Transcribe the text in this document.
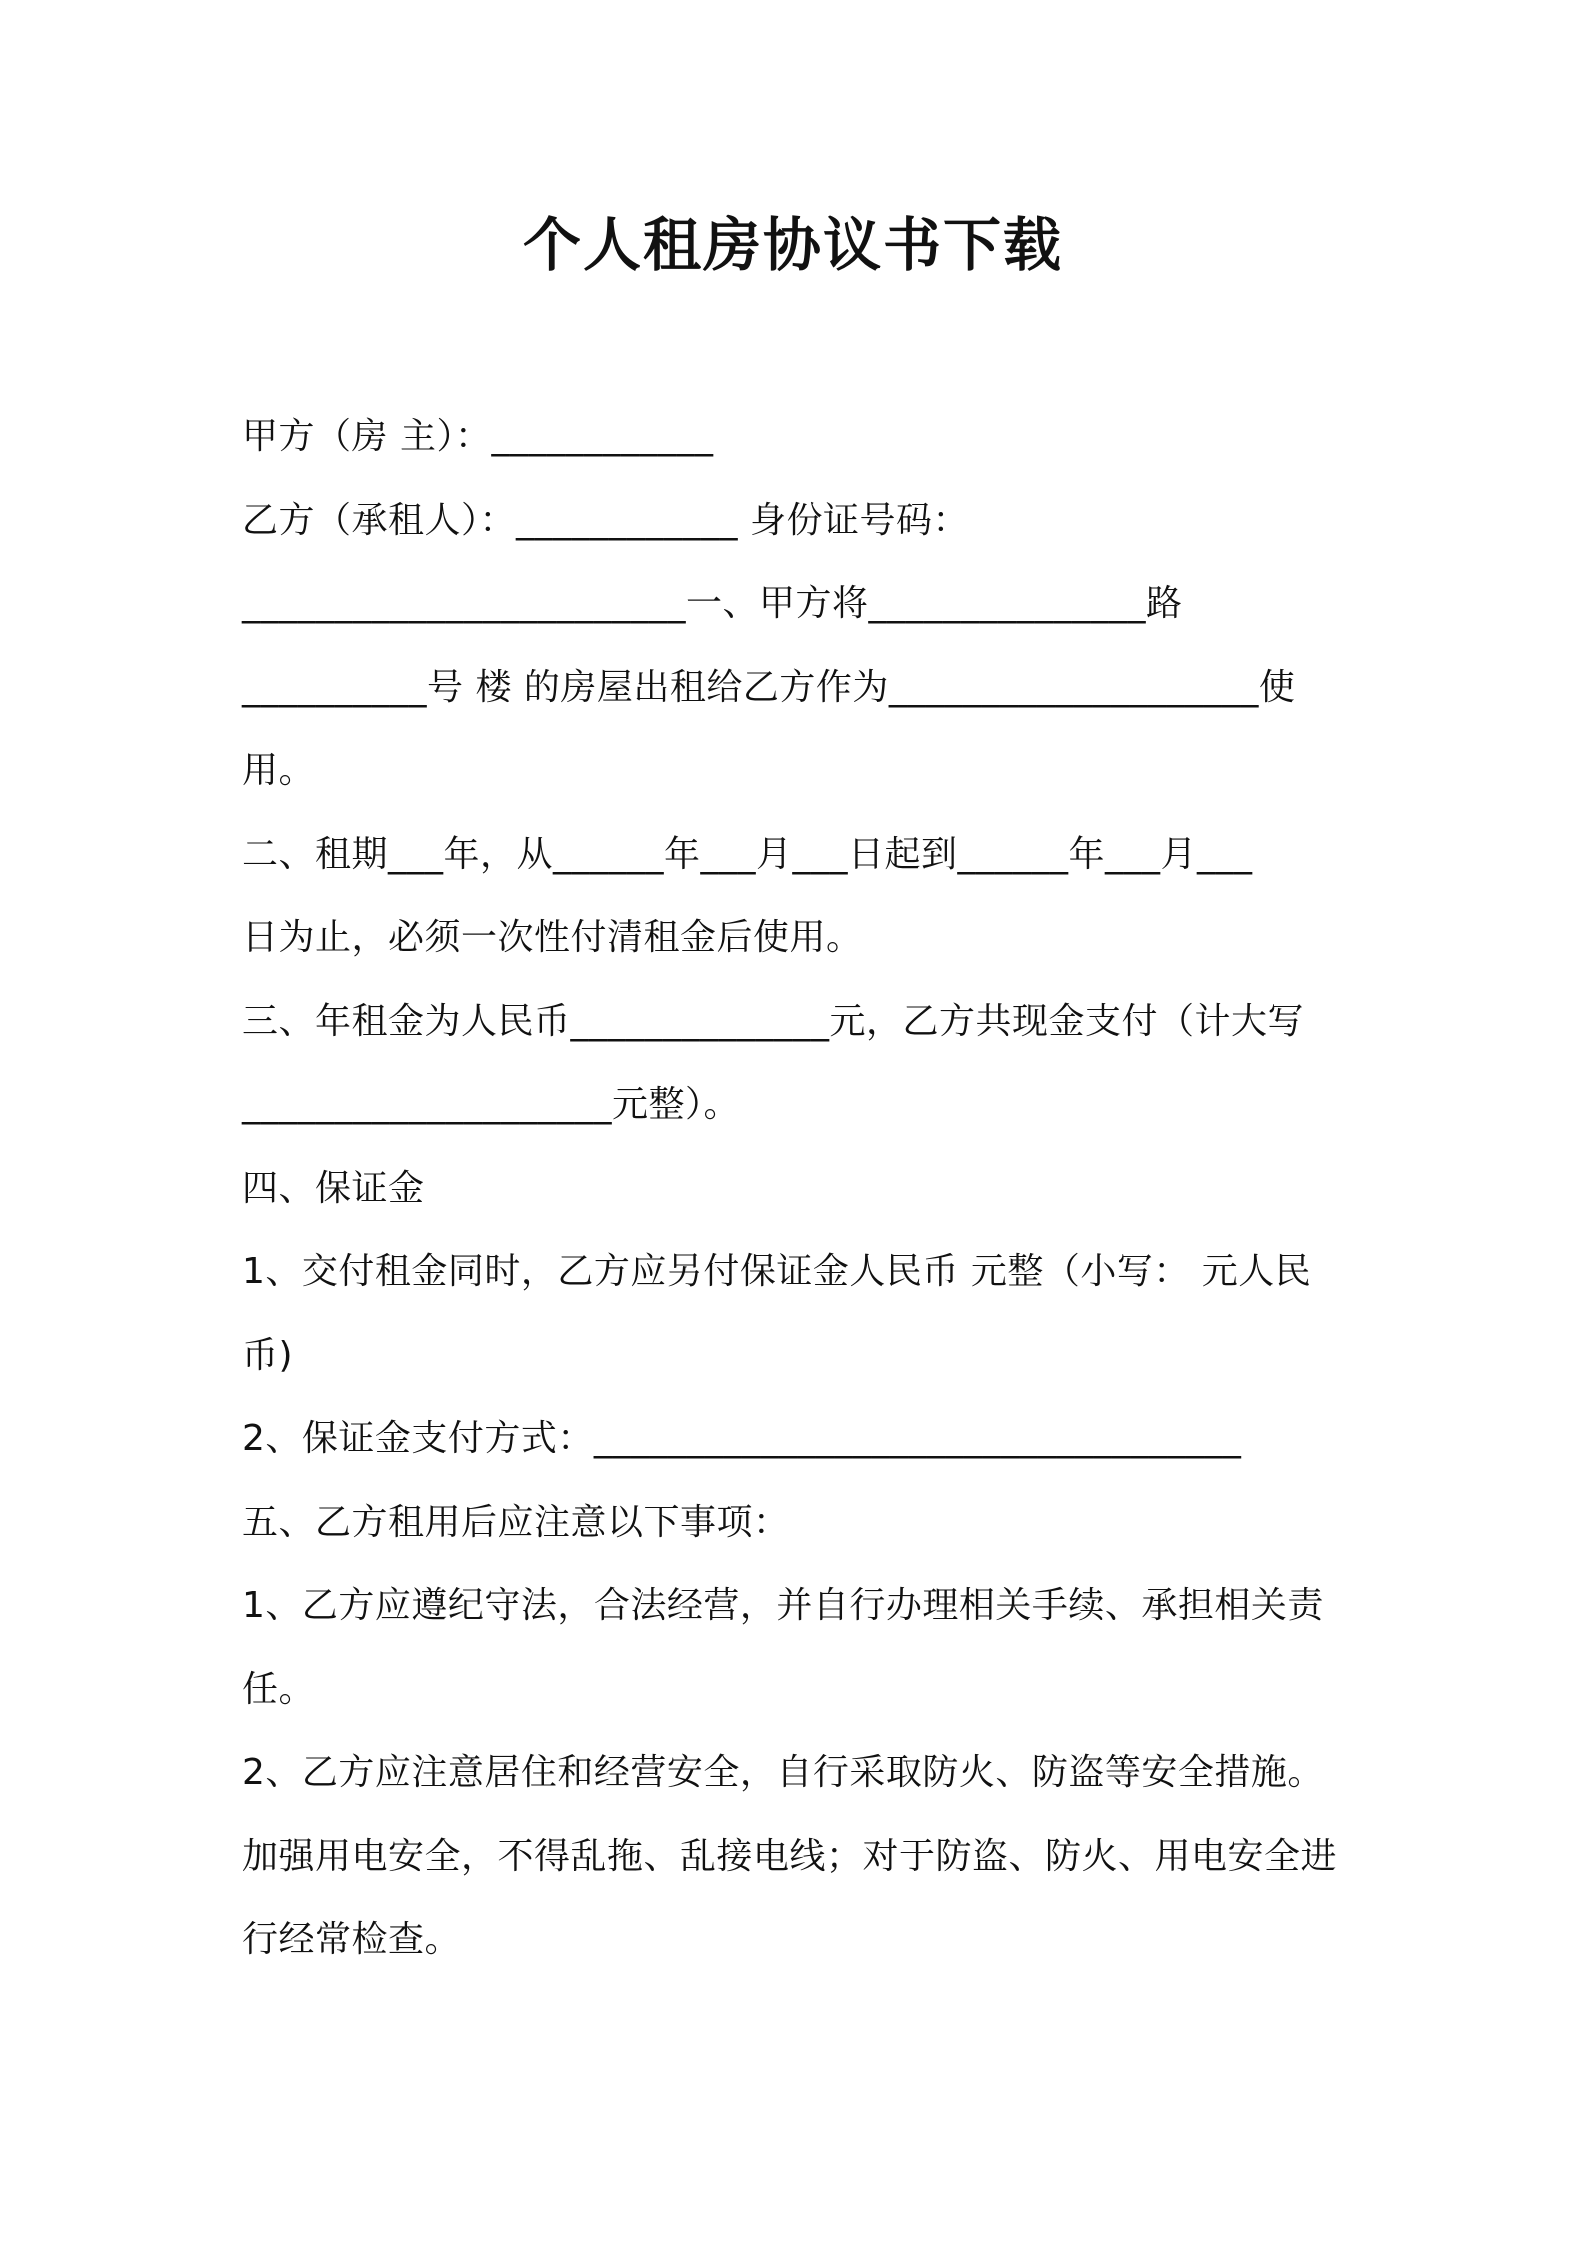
个人租房协议书下载
甲方（房 主）：____________
乙方（承租人）：____________ 身份证号码：
________________________一、甲方将_______________路
__________号 楼 的房屋出租给乙方作为____________________使
用。
二、租期___年，从______年___月___日起到______年___月___
日为止，必须一次性付清租金后使用。
三、年租金为人民币______________元，乙方共现金支付（计大写
____________________元整）。
四、保证金
1、交付租金同时，乙方应另付保证金人民币 元整（小写： 元人民
币)
2、保证金支付方式：___________________________________
五、乙方租用后应注意以下事项：
1、乙方应遵纪守法，合法经营，并自行办理相关手续、承担相关责
任。
2、乙方应注意居住和经营安全，自行采取防火、防盗等安全措施。
加强用电安全，不得乱拖、乱接电线；对于防盗、防火、用电安全进
行经常检查。
